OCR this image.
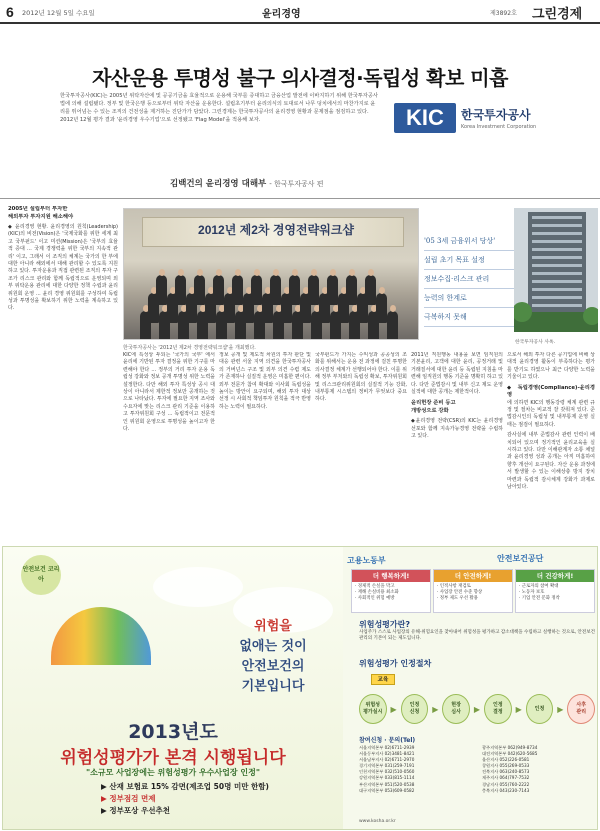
6 2012년 12월 5일 수요일	윤리경영	제3892호 그린경제
자산운용 투명성 불구 의사결정·독립성 확보 미흡
한국투자공사(KIC)는 2005년 위탁자산에 및 공공기금을 효율적으로 운용해 국부를 증대하고 금융산업 발전에 이바지하기 위해 한국투자공사법에 의해 설립됐다. 정부 및 한국은행 등으로부터 위탁 자산을 운용한다. 설립초기부터 윤리의식의 토대로서 나무 덩치에서의 마찬가지로 윤리를 뛰어넘는 수 있는 조직의 건전성을 제거하는 진단가가 담았다. 그린경제는 한국투자공사의 윤리경영 현황과 문제점을 점검하고 있다. 2012년 12월 평가 결과 '윤리경영 우수기업'으로 선정됐고 'Flag Model'을 적용해 보자.	KIC	한국투자공사
Korea Investment Corporation
김백건의 윤리경영 대해부 - 한국투자공사 편
2005년 설립부터 투자한
해외투자 투자지원 해소해야
◆ 윤리경영 현황. 윤리경영의 원칙(Leadership)(KIC)의 비전(Vision)은 '국제국화를 위한 세계 최고 국부펀드' 이고 미션(Mission)은 '국부의 효율적 증대 ... 국제 경쟁력을 위한 국부의 지속적 관리' 이고, 그래서 이 조직의 체계는 국가의 한 부에 대한 아니라 해외에서 대해 관리할 수 있도록 지원하고 있다. 투자운용과 직접 관련된 조직의 투자 구조가 리스크 관리와 함께 독립적으로 운영되며 외부 위탁운용 관리에 대한 다양한 정책 수립과 윤리 위원회 운영 ... 윤리 경영 위원회를 구성하여 독립성과 투명성을 확보하기 위한 노력을 계속하고 있다.
2012년 제2차 경영전략워크샵
한국투자공사는 '2012년 제2차 경영전략워크샵'을 개최했다.
'05 3세 금융위서 당상'
설립 초기 목표 설정
정보수집·리스크 관리
능력의 한계로
극복하지 못해
한국투자공사 사옥.
KIC에 특성상 두되는 '국가의 국부' 에서 윤리에 기반된 투자 결정을 위한 기구를 마련해야 한다 ... 정부의 거리 투자 운용 독립성 강화와 정보 공개 투명성 위한 노력을 설정한다. 다만 해외 투자 특성상 공시 대상이 아니라서 제한적 정보만 공개하는 것으로 나타났다. 투자에 필요한 지역 조사와 수요자에 맞는 리스크 관리 기준을 이용하고 투자위원회 구성 ... 독립적이고 전문적인 위원회 운영으로 투명성을 높이고자 한다.
정보 공개 및 제도적 차원의 투자 판단 및 대응 관련 서울 지역 의견을 한국투자공사의 거버넌스 구조 및 외부 의견 수렴 제도가 존재하나 실질적 운영은 미흡한 편이다. 외부 전문가 참여 확대와 이사회 독립성을 높이는 방안이 요구되며, 해외 투자 대상 선정 시 사회적 책임투자 원칙을 적극 반영하는 노력이 필요하다.
국부펀드가 가지는 수익성과 공공성의 조화를 위해서는 운용 전 과정에 걸친 투명한 의사결정 체계가 선행되어야 한다. 이를 위해 정부 부처와의 독립성 확보, 투자위원회 및 리스크관리위원회의 실질적 기능 강화, 내부통제 시스템의 정비가 무엇보다 중요하다.
2011년 직원행동 내용을 보면 임직원의 기본윤리, 고객에 대한 윤리, 공정거래 및 거래질서에 대한 윤리 등 독립된 지침을 마련해 임직원의 행동 기준을 명확히 하고 있다. 다만 준법감시 및 내부 신고 제도 운영 실적에 대한 공개는 제한적이다.
윤리헌장 준비 등고
개방성으로 강화
◆윤리경영 전략(CSR)의 KIC는 윤리경영 선포와 함께 지속가능경영 전략을 수립하고 있다.
으로서 해외 투자 다른 공기업에 비해 상대적 윤리경영 활동이 부족하다는 평가를 받기도 하였으나 최근 다양한 노력을 기울이고 있다.
◆ 독립경영(Compliance)-윤리경영
에 의하면 KIC의 행동강령 체계 관련 규정 및 절차는 비교적 잘 갖춰져 있다. 준법감시인의 독립성 및 내부통제 운영 실태는 점검이 필요하다.
감사실에 내부 준법감사 관련 인력이 배치되어 있으며 정기적인 윤리교육을 실시하고 있다. 다만 이해관계자 소통 채널과 윤리경영 성과 공개는 아직 미흡하여 향후 개선이 요구된다. 자산 운용 과정에서 발생할 수 있는 이해상충 방지 장치 마련과 독립적 감시체계 강화가 과제로 남아있다.
안전보건 코리아
위험을
없애는 것이
안전보건의
기본입니다
2013년도
위험성평가가 본격 시행됩니다
"소규모 사업장에는 위험성평가 우수사업장 인정"
▶ 산재 보험료 15% 감면(제조업 50명 미만 한함)
▶ 정부점검 면제
▶ 정부포상 우선추천
고용노동부	안전보건공단
더 행복하게!
· 경제적 손실을 막고
· 재해 손실비용 최소화
· 사회적인 위험 예방
더 안전하게!
· 인적사항 재검토
· 사업장 안전 수준 향상
· 정부 제도 우선 활용
더 건강하게!
· 근로자의 참여 확대
· 노동자 보호
· 기업 안전 문화 정착
위험성평가란?
사업주가 스스로 사업장의 유해·위험요인을 찾아내어 위험성을 평가하고 감소대책을 수립하고 실행하는 것으로, 안전보건 관리의 기본이 되는 제도입니다.
위험성평가 인정절차
교육
위험성
평가실시	▶	인정
신청	▶	현장
심사	▶	인정
결정	▶	인정	▶	사후
관리
참여신청 · 문의(Tel)
서울지역본부 02)6711-2939
서울동부지사 02)3481-8421
서울남부지사 02)6711-2970
경기지역본부 031)259-7191
인천지역본부 032)510-0560
강원지역본부 033)815-1114
부산지역본부 051)520-0538
대구지역본부 053)609-0582
광주지역본부 062)949-8734
대전지역본부 042)620-5685
울산지사 052)226-0581
창원지사 055)269-0533
전북지사 063)240-8573
제주지사 064)797-7532
경남지사 055)760-2222
충북지사 043)230-7143
www.kosha.or.kr
